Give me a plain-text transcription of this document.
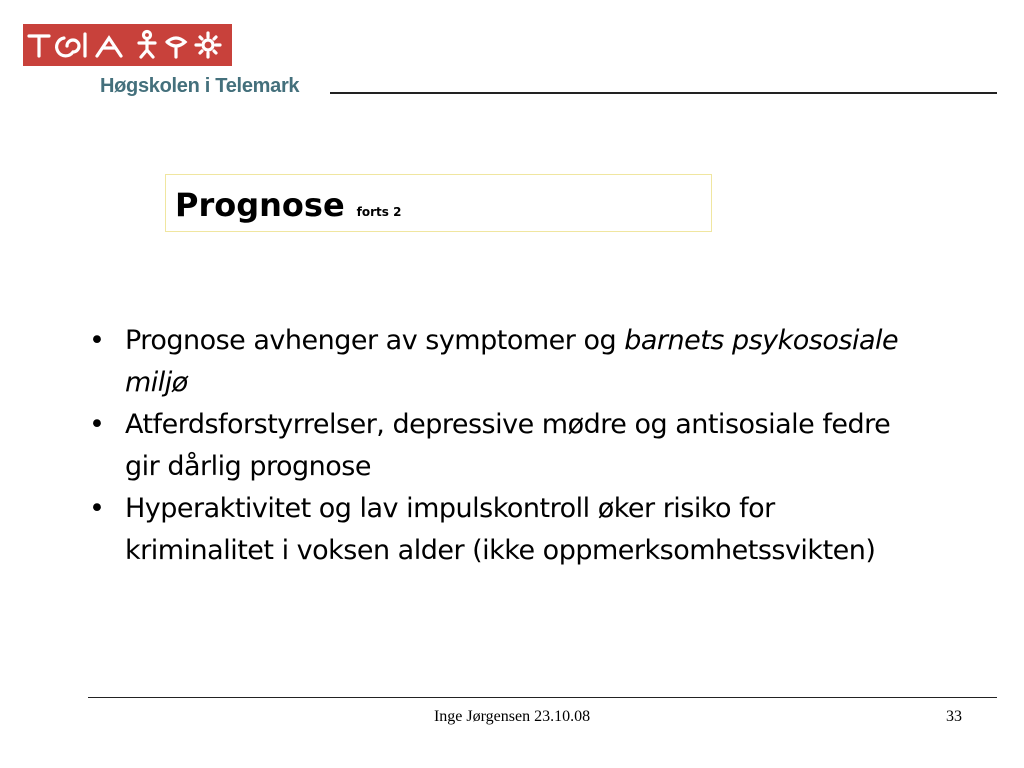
Høgskolen i Telemark
Prognose forts 2
• Prognose avhenger av symptomer og barnets psykososiale miljø
• Atferdsforstyrrelser, depressive mødre og antisosiale fedre gir dårlig prognose
• Hyperaktivitet og lav impulskontroll øker risiko for kriminalitet i voksen alder (ikke oppmerksomhetssvikten)
Inge Jørgensen 23.10.08	33
